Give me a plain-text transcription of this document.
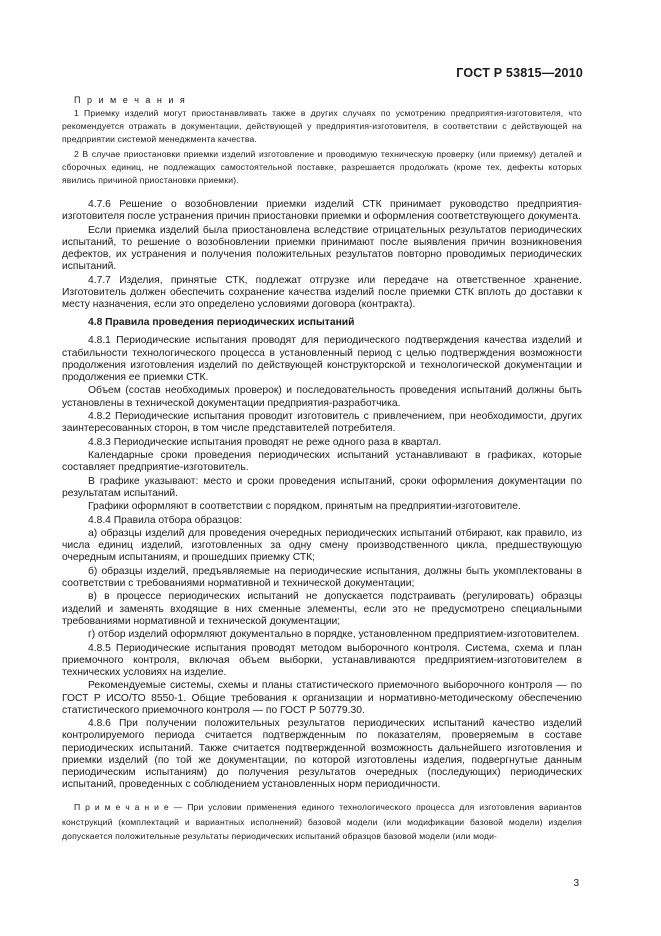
ГОСТ Р 53815—2010
П р и м е ч а н и я
1 Приемку изделий могут приостанавливать также в других случаях по усмотрению предприятия-изготовителя, что рекомендуется отражать в документации, действующей у предприятия-изготовителя, в соответствии с действующей на предприятии системой менеджмента качества.
2 В случае приостановки приемки изделий изготовление и проводимую техническую проверку (или приемку) деталей и сборочных единиц, не подлежащих самостоятельной поставке, разрешается продолжать (кроме тех, дефекты которых явились причиной приостановки приемки).
4.7.6 Решение о возобновлении приемки изделий СТК принимает руководство предприятия-изготовителя после устранения причин приостановки приемки и оформления соответствующего документа.
Если приемка изделий была приостановлена вследствие отрицательных результатов периодических испытаний, то решение о возобновлении приемки принимают после выявления причин возникновения дефектов, их устранения и получения положительных результатов повторно проводимых периодических испытаний.
4.7.7 Изделия, принятые СТК, подлежат отгрузке или передаче на ответственное хранение. Изготовитель должен обеспечить сохранение качества изделий после приемки СТК вплоть до доставки к месту назначения, если это определено условиями договора (контракта).
4.8 Правила проведения периодических испытаний
4.8.1 Периодические испытания проводят для периодического подтверждения качества изделий и стабильности технологического процесса в установленный период с целью подтверждения возможности продолжения изготовления изделий по действующей конструкторской и технологической документации и продолжения ее приемки СТК.
Объем (состав необходимых проверок) и последовательность проведения испытаний должны быть установлены в технической документации предприятия-разработчика.
4.8.2 Периодические испытания проводит изготовитель с привлечением, при необходимости, других заинтересованных сторон, в том числе представителей потребителя.
4.8.3 Периодические испытания проводят не реже одного раза в квартал.
Календарные сроки проведения периодических испытаний устанавливают в графиках, которые составляет предприятие-изготовитель.
В графике указывают: место и сроки проведения испытаний, сроки оформления документации по результатам испытаний.
Графики оформляют в соответствии с порядком, принятым на предприятии-изготовителе.
4.8.4 Правила отбора образцов:
а) образцы изделий для проведения очередных периодических испытаний отбирают, как правило, из числа единиц изделий, изготовленных за одну смену производственного цикла, предшествующую очередным испытаниям, и прошедших приемку СТК;
б) образцы изделий, предъявляемые на периодические испытания, должны быть укомплектованы в соответствии с требованиями нормативной и технической документации;
в) в процессе периодических испытаний не допускается подстраивать (регулировать) образцы изделий и заменять входящие в них сменные элементы, если это не предусмотрено специальными требованиями нормативной и технической документации;
г) отбор изделий оформляют документально в порядке, установленном предприятием-изготовителем.
4.8.5 Периодические испытания проводят методом выборочного контроля. Система, схема и план приемочного контроля, включая объем выборки, устанавливаются предприятием-изготовителем в технических условиях на изделие.
Рекомендуемые системы, схемы и планы статистического приемочного выборочного контроля — по ГОСТ Р ИСО/ТО 8550-1. Общие требования к организации и нормативно-методическому обеспечению статистического приемочного контроля — по ГОСТ Р 50779.30.
4.8.6 При получении положительных результатов периодических испытаний качество изделий контролируемого периода считается подтвержденным по показателям, проверяемым в составе периодических испытаний. Также считается подтвержденной возможность дальнейшего изготовления и приемки изделий (по той же документации, по которой изготовлены изделия, подвергнутые данным периодическим испытаниям) до получения результатов очередных (последующих) периодических испытаний, проведенных с соблюдением установленных норм периодичности.
П р и м е ч а н и е — При условии применения единого технологического процесса для изготовления вариантов конструкций (комплектаций и вариантных исполнений) базовой модели (или модификации базовой модели) изделия допускается положительные результаты периодических испытаний образцов базовой модели (или моди-
3
